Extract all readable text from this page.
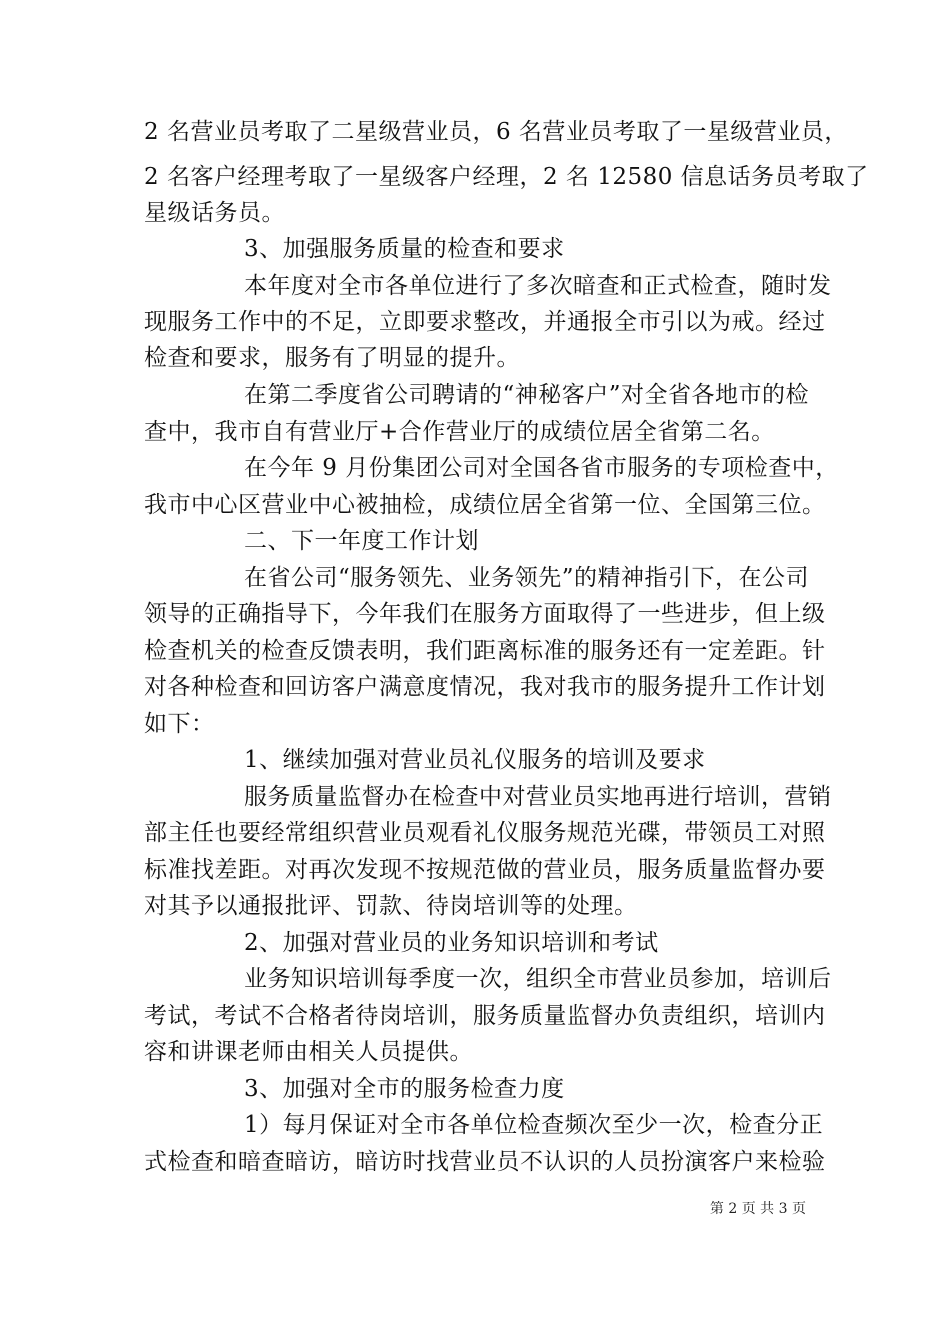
2 名营业员考取了二星级营业员，6 名营业员考取了一星级营业员，
2 名客户经理考取了一星级客户经理，2 名 12580 信息话务员考取了
星级话务员。
3、加强服务质量的检查和要求
本年度对全市各单位进行了多次暗查和正式检查，随时发
现服务工作中的不足，立即要求整改，并通报全市引以为戒。经过
检查和要求，服务有了明显的提升。
在第二季度省公司聘请的“神秘客户”对全省各地市的检
查中，我市自有营业厅+合作营业厅的成绩位居全省第二名。
在今年 9 月份集团公司对全国各省市服务的专项检查中，
我市中心区营业中心被抽检，成绩位居全省第一位、全国第三位。
二、下一年度工作计划
在省公司“服务领先、业务领先”的精神指引下，在公司
领导的正确指导下，今年我们在服务方面取得了一些进步，但上级
检查机关的检查反馈表明，我们距离标准的服务还有一定差距。针
对各种检查和回访客户满意度情况，我对我市的服务提升工作计划
如下：
1、继续加强对营业员礼仪服务的培训及要求
服务质量监督办在检查中对营业员实地再进行培训，营销
部主任也要经常组织营业员观看礼仪服务规范光碟，带领员工对照
标准找差距。对再次发现不按规范做的营业员，服务质量监督办要
对其予以通报批评、罚款、待岗培训等的处理。
2、加强对营业员的业务知识培训和考试
业务知识培训每季度一次，组织全市营业员参加，培训后
考试，考试不合格者待岗培训，服务质量监督办负责组织，培训内
容和讲课老师由相关人员提供。
3、加强对全市的服务检查力度
1）每月保证对全市各单位检查频次至少一次，检查分正
式检查和暗查暗访，暗访时找营业员不认识的人员扮演客户来检验
第 2 页 共 3 页
